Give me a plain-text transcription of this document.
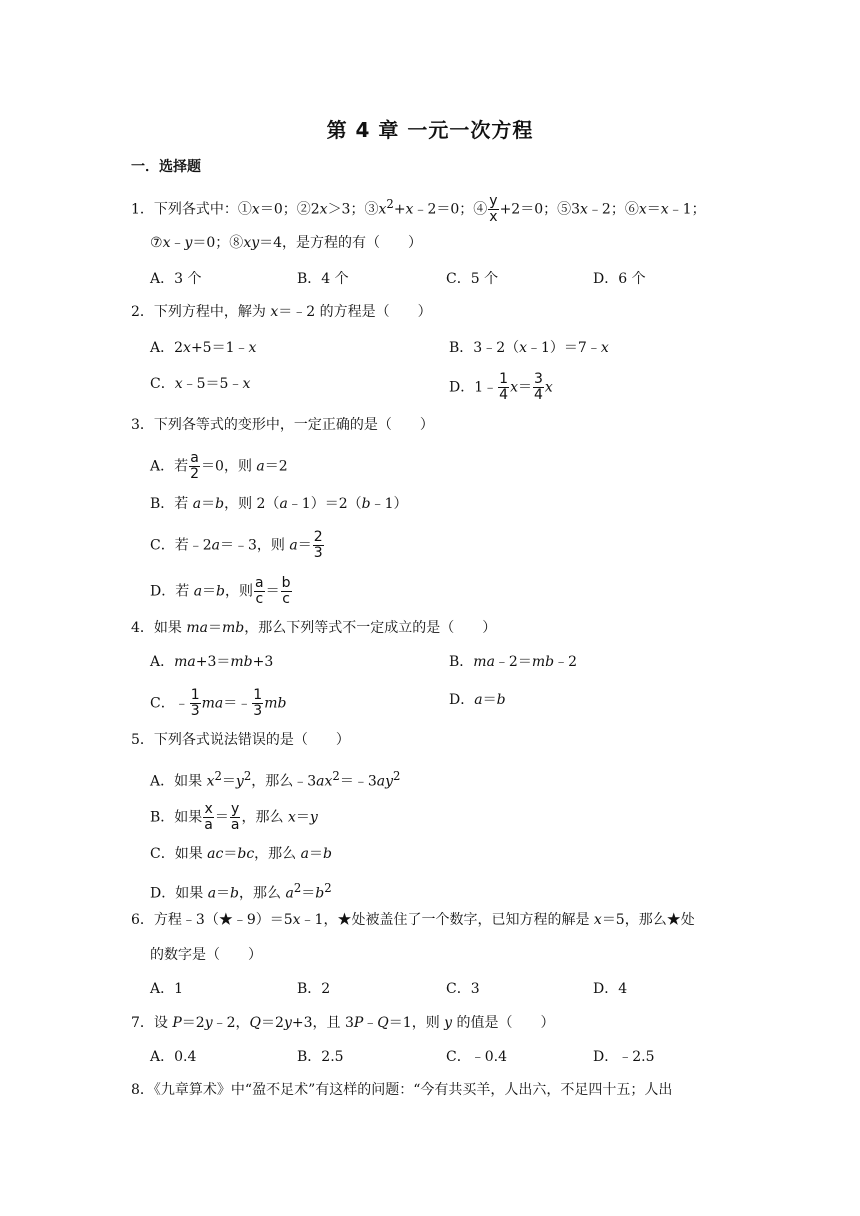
第 4 章 一元一次方程
一．选择题
1．下列各式中：①x＝0；②2x＞3；$③x^2+x﹣2=0$；④ $\frac{y}{x} +2=0$；⑤3x﹣2；⑥x＝x﹣1；
⑦x﹣y＝0；⑧xy＝4，是方程的有（　　）
A．3 个	B．4 个	C．5 个	D．6 个
2．下列方程中，解为 x＝﹣2 的方程是（　　）
A．2x+5＝1﹣x	B．3﹣2（x﹣1）＝7﹣x
C．x﹣5＝5﹣x	D．1﹣ $\frac{1}{4} x= \frac{3}{4}$ x
3．下列各等式的变形中，一定正确的是（　　）
A．若 $\frac{a}{2} =0$，则 a＝2
B．若 a＝b，则 2（a﹣1）＝2（b﹣1）
C．若﹣2a＝﹣3，则 $a= \frac{2}{3}$
D．若 a＝b，则 $\frac{a}{c} = \frac{b}{c}$
4．如果 ma＝mb，那么下列等式不一定成立的是（　　）
A．ma+3＝mb+3	B．ma﹣2＝mb﹣2
C．﹣ $\frac{1}{3}$ ma＝﹣ $\frac{1}{3}$ mb	D．a＝b
5．下列各式说法错误的是（　　）
A．如果 $x^2=y^2$，那么$﹣3ax^2=﹣3ay^2$
B．如果 $\frac{x}{a} = \frac{y}{a}$ ，那么 x＝y
C．如果 ac＝bc，那么 a＝b
D．如果 a＝b，那么 $a^2=b^2$
6．方程﹣3（★﹣9）＝5x﹣1，★处被盖住了一个数字，已知方程的解是 x＝5，那么★处
的数字是（　　）
A．1	B．2	C．3	D．4
7．设 P＝2y﹣2，Q＝2y+3，且 3P﹣Q＝1，则 y 的值是（　　）
A．0.4	B．2.5	C．﹣0.4	D．﹣2.5
8．《九章算术》中“盈不足术”有这样的问题：“今有共买羊，人出六，不足四十五；人出
